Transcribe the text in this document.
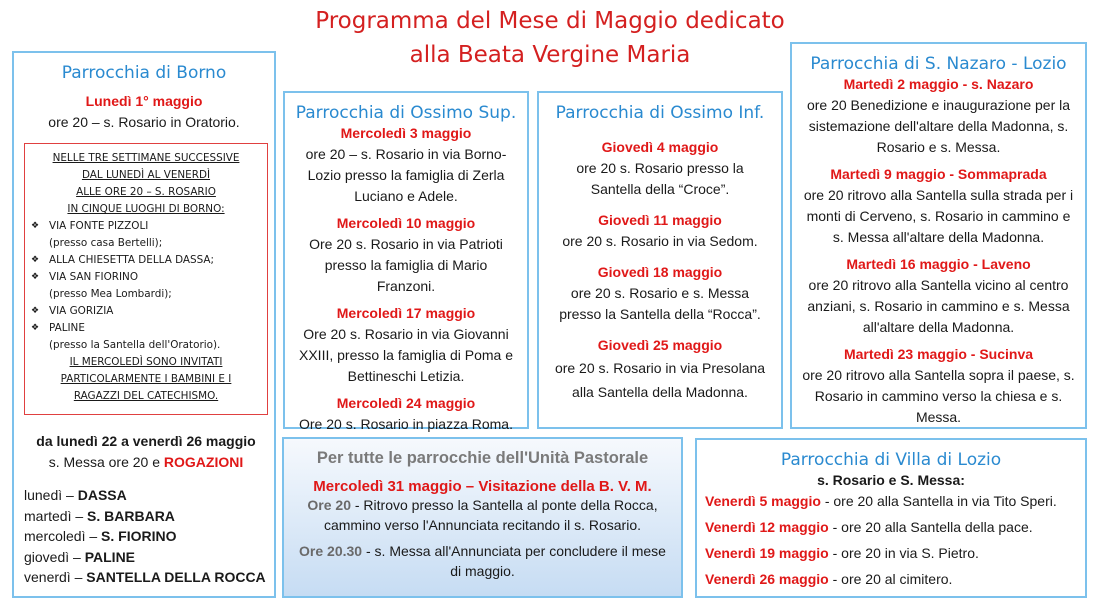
Programma del Mese di Maggio dedicato
alla Beata Vergine Maria
Parrocchia di Borno
Lunedì 1° maggio
ore 20 – s. Rosario in Oratorio.
NELLE TRE SETTIMANE SUCCESSIVE
DAL LUNEDÌ AL VENERDÌ
ALLE ORE 20 – S. ROSARIO
IN CINQUE LUOGHI DI BORNO:
❖ VIA FONTE PIZZOLI
(presso casa Bertelli);
❖ ALLA CHIESETTA DELLA DASSA;
❖ VIA SAN FIORINO
(presso Mea Lombardi);
❖ VIA GORIZIA
❖ PALINE
(presso la Santella dell'Oratorio).
IL MERCOLEDÌ SONO INVITATI
PARTICOLARMENTE I BAMBINI E I
RAGAZZI DEL CATECHISMO.
da lunedì 22 a venerdì 26 maggio
s. Messa ore 20 e ROGAZIONI
lunedì – DASSA
martedì – S. BARBARA
mercoledì – S. FIORINO
giovedì – PALINE
venerdì – SANTELLA DELLA ROCCA
Parrocchia di Ossimo Sup.
Mercoledì 3 maggio
ore 20 – s. Rosario in via Borno-Lozio presso la famiglia di Zerla Luciano e Adele.
Mercoledì 10 maggio
Ore 20 s. Rosario in via Patrioti presso la famiglia di Mario Franzoni.
Mercoledì 17 maggio
Ore 20 s. Rosario in via Giovanni XXIII, presso la famiglia di Poma e Bettineschi Letizia.
Mercoledì 24 maggio
Ore 20 s. Rosario in piazza Roma.
Parrocchia di Ossimo Inf.
Giovedì 4 maggio
ore 20 s. Rosario presso la Santella della “Croce”.
Giovedì 11 maggio
ore 20 s. Rosario in via Sedom.
Giovedì 18 maggio
ore 20 s. Rosario e s. Messa presso la Santella della “Rocca”.
Giovedì 25 maggio
ore 20 s. Rosario in via Presolana alla Santella della Madonna.
Parrocchia di S. Nazaro - Lozio
Martedì 2 maggio - s. Nazaro
ore 20 Benedizione e inaugurazione per la sistemazione dell'altare della Madonna, s. Rosario e s. Messa.
Martedì 9 maggio - Sommaprada
ore 20 ritrovo alla Santella sulla strada per i monti di Cerveno, s. Rosario in cammino e s. Messa all'altare della Madonna.
Martedì 16 maggio - Laveno
ore 20 ritrovo alla Santella vicino al centro anziani, s. Rosario in cammino e s. Messa all'altare della Madonna.
Martedì 23 maggio - Sucinva
ore 20 ritrovo alla Santella sopra il paese, s. Rosario in cammino verso la chiesa e s. Messa.
Per tutte le parrocchie dell'Unità Pastorale
Mercoledì 31 maggio – Visitazione della B. V. M.
Ore 20 - Ritrovo presso la Santella al ponte della Rocca, cammino verso l'Annunciata recitando il s. Rosario.
Ore 20.30 - s. Messa all'Annunciata per concludere il mese di maggio.
Parrocchia di Villa di Lozio
s. Rosario e S. Messa:
Venerdì 5 maggio - ore 20 alla Santella in via Tito Speri.
Venerdì 12 maggio - ore 20 alla Santella della pace.
Venerdì 19 maggio - ore 20 in via S. Pietro.
Venerdì 26 maggio - ore 20 al cimitero.
